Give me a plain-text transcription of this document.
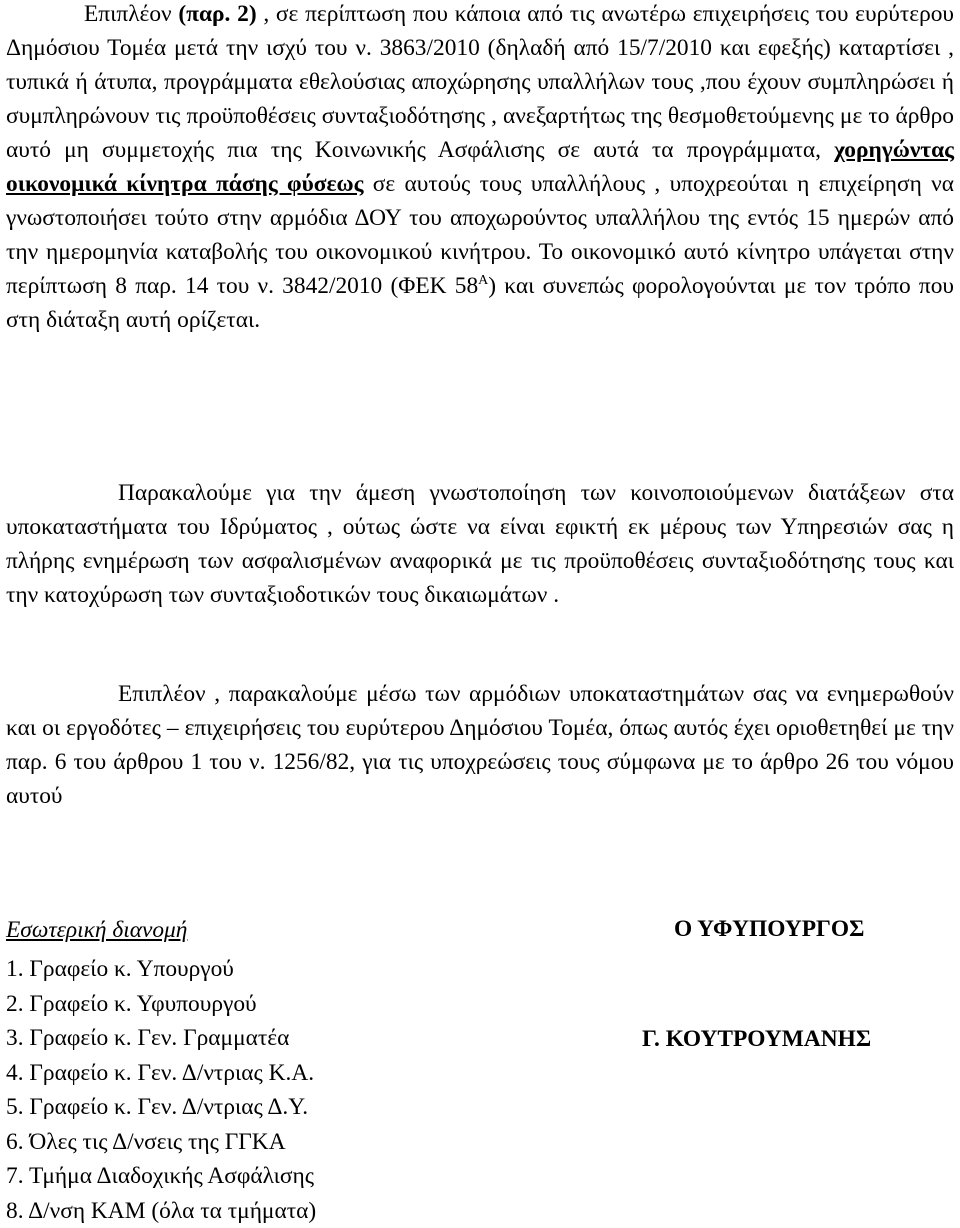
Επιπλέον (παρ. 2) , σε περίπτωση που κάποια από τις ανωτέρω επιχειρήσεις του ευρύτερου Δημόσιου Τομέα μετά την ισχύ του ν. 3863/2010 (δηλαδή από 15/7/2010 και εφεξής) καταρτίσει , τυπικά ή άτυπα, προγράμματα εθελούσιας αποχώρησης υπαλλήλων τους ,που έχουν συμπληρώσει ή συμπληρώνουν τις προϋποθέσεις συνταξιοδότησης , ανεξαρτήτως της θεσμοθετούμενης με το άρθρο αυτό μη συμμετοχής πια της Κοινωνικής Ασφάλισης σε αυτά τα προγράμματα, χορηγώντας οικονομικά κίνητρα πάσης φύσεως σε αυτούς τους υπαλλήλους , υποχρεούται η επιχείρηση να γνωστοποιήσει τούτο στην αρμόδια ΔΟΥ του αποχωρούντος υπαλλήλου της εντός 15 ημερών από την ημερομηνία καταβολής του οικονομικού κινήτρου. Το οικονομικό αυτό κίνητρο υπάγεται στην περίπτωση 8 παρ. 14 του ν. 3842/2010 (ΦΕΚ $58^A$) και συνεπώς φορολογούνται με τον τρόπο που στη διάταξη αυτή ορίζεται.

Παρακαλούμε για την άμεση γνωστοποίηση των κοινοποιούμενων διατάξεων στα υποκαταστήματα του Ιδρύματος , ούτως ώστε να είναι εφικτή εκ μέρους των Υπηρεσιών σας η πλήρης ενημέρωση των ασφαλισμένων αναφορικά με τις προϋποθέσεις συνταξιοδότησης τους και την κατοχύρωση των συνταξιοδοτικών τους δικαιωμάτων .

Επιπλέον , παρακαλούμε μέσω των αρμόδιων υποκαταστημάτων σας να ενημερωθούν και οι εργοδότες – επιχειρήσεις του ευρύτερου Δημόσιου Τομέα, όπως αυτός έχει οριοθετηθεί με την παρ. 6 του άρθρου 1 του ν. 1256/82, για τις υποχρεώσεις τους σύμφωνα με το άρθρο 26 του νόμου αυτού

Εσωτερική διανομή
1. Γραφείο κ. Υπουργού
2. Γραφείο κ. Υφυπουργού
3. Γραφείο κ. Γεν. Γραμματέα
4. Γραφείο κ. Γεν. Δ/ντριας Κ.Α.
5. Γραφείο κ. Γεν. Δ/ντριας Δ.Υ.
6. Όλες τις Δ/νσεις της ΓΓΚΑ
7. Τμήμα Διαδοχικής Ασφάλισης
8. Δ/νση ΚΑΜ (όλα τα τμήματα)
Ο ΥΦΥΠΟΥΡΓΟΣ
Γ. ΚΟΥΤΡΟΥΜΑΝΗΣ
